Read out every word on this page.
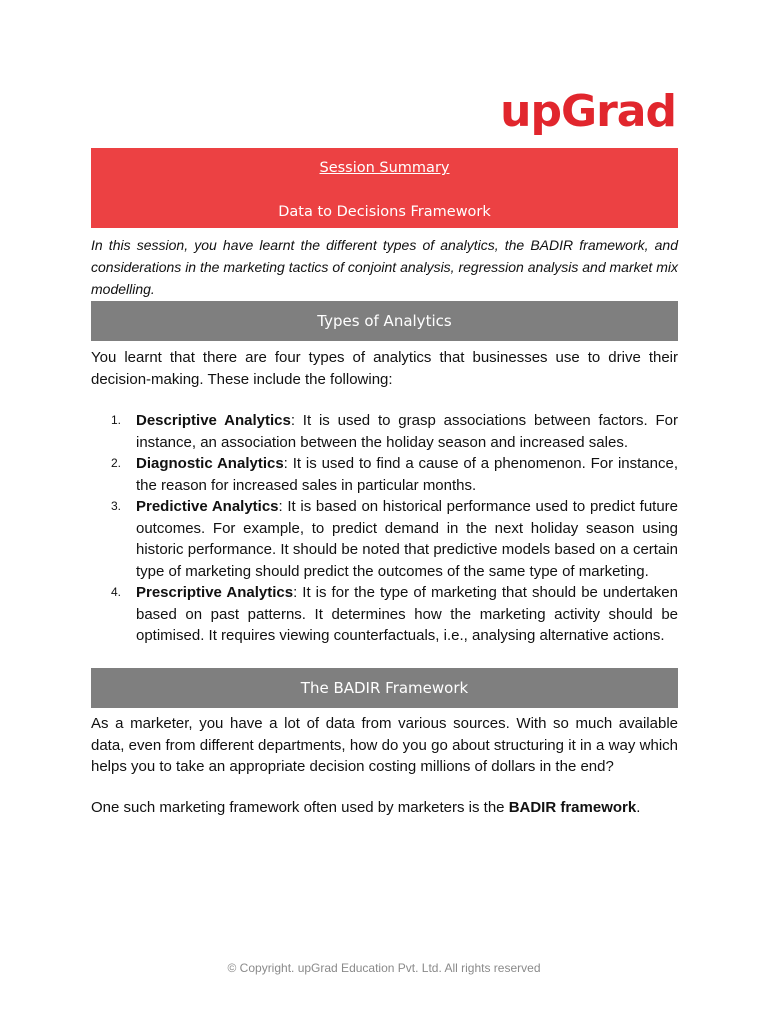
upGrad
Session Summary
Data to Decisions Framework
In this session, you have learnt the different types of analytics, the BADIR framework, and considerations in the marketing tactics of conjoint analysis, regression analysis and market mix modelling.
Types of Analytics
You learnt that there are four types of analytics that businesses use to drive their decision-making. These include the following:
1. Descriptive Analytics: It is used to grasp associations between factors. For instance, an association between the holiday season and increased sales.
2. Diagnostic Analytics: It is used to find a cause of a phenomenon. For instance, the reason for increased sales in particular months.
3. Predictive Analytics: It is based on historical performance used to predict future outcomes. For example, to predict demand in the next holiday season using historic performance. It should be noted that predictive models based on a certain type of marketing should predict the outcomes of the same type of marketing.
4. Prescriptive Analytics: It is for the type of marketing that should be undertaken based on past patterns. It determines how the marketing activity should be optimised. It requires viewing counterfactuals, i.e., analysing alternative actions.
The BADIR Framework
As a marketer, you have a lot of data from various sources. With so much available data, even from different departments, how do you go about structuring it in a way which helps you to take an appropriate decision costing millions of dollars in the end?
One such marketing framework often used by marketers is the BADIR framework.
© Copyright. upGrad Education Pvt. Ltd. All rights reserved
